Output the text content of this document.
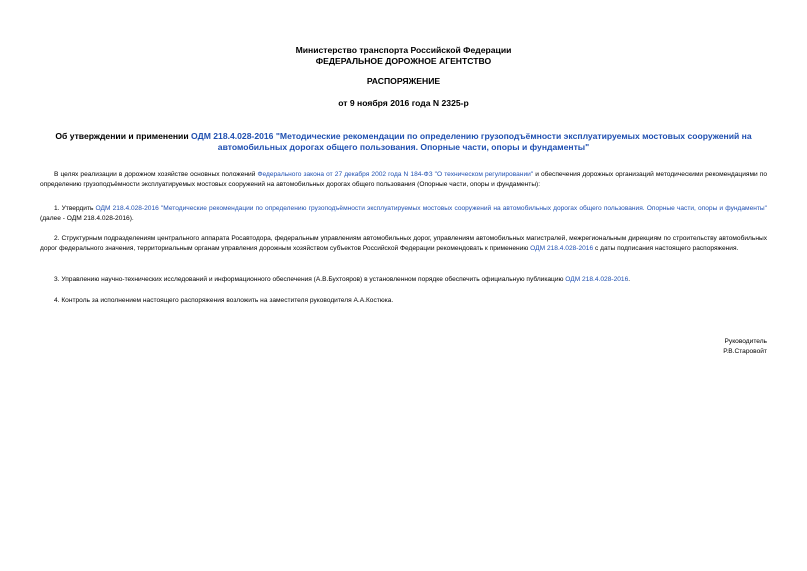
Министерство транспорта Российской Федерации
ФЕДЕРАЛЬНОЕ ДОРОЖНОЕ АГЕНТСТВО
РАСПОРЯЖЕНИЕ
от 9 ноября 2016 года N 2325-р
Об утверждении и применении ОДМ 218.4.028-2016 "Методические рекомендации по определению грузоподъёмности эксплуатируемых мостовых сооружений на автомобильных дорогах общего пользования. Опорные части, опоры и фундаменты"
В целях реализации в дорожном хозяйстве основных положений Федерального закона от 27 декабря 2002 года N 184-ФЗ "О техническом регулировании" и обеспечения дорожных организаций методическими рекомендациями по определению грузоподъёмности эксплуатируемых мостовых сооружений на автомобильных дорогах общего пользования (Опорные части, опоры и фундаменты):
1. Утвердить ОДМ 218.4.028-2016 "Методические рекомендации по определению грузоподъёмности эксплуатируемых мостовых сооружений на автомобильных дорогах общего пользования. Опорные части, опоры и фундаменты" (далее - ОДМ 218.4.028-2016).
2. Структурным подразделениям центрального аппарата Росавтодора, федеральным управлениям автомобильных дорог, управлениям автомобильных магистралей, межрегиональным дирекциям по строительству автомобильных дорог федерального значения, территориальным органам управления дорожным хозяйством субъектов Российской Федерации рекомендовать к применению ОДМ 218.4.028-2016 с даты подписания настоящего распоряжения.
3. Управлению научно-технических исследований и информационного обеспечения (А.В.Бухтояров) в установленном порядке обеспечить официальную публикацию ОДМ 218.4.028-2016.
4. Контроль за исполнением настоящего распоряжения возложить на заместителя руководителя А.А.Костюка.
Руководитель
Р.В.Старовойт
